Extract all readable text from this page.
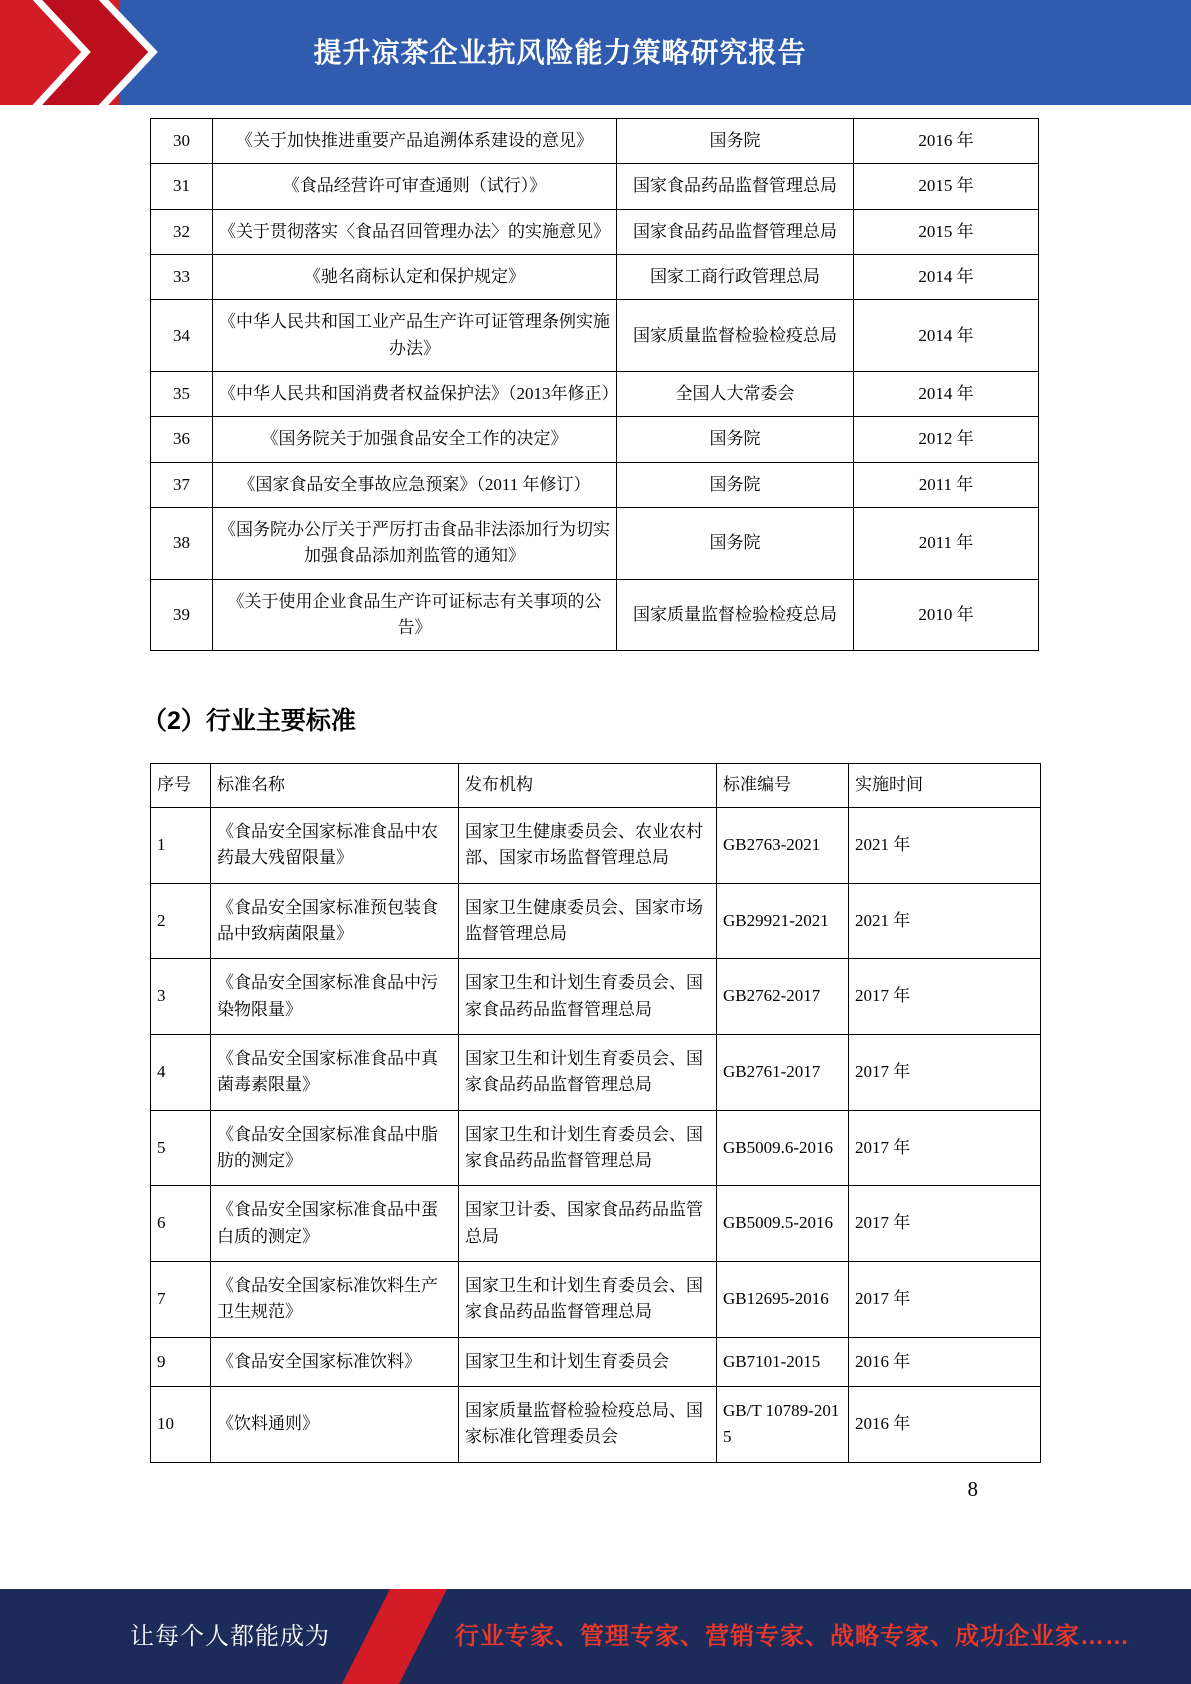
提升凉茶企业抗风险能力策略研究报告
30	《关于加快推进重要产品追溯体系建设的意见》	国务院	2016 年
31	《食品经营许可审查通则（试行）》	国家食品药品监督管理总局	2015 年
32	《关于贯彻落实〈食品召回管理办法〉的实施意见》	国家食品药品监督管理总局	2015 年
33	《驰名商标认定和保护规定》	国家工商行政管理总局	2014 年
34	《中华人民共和国工业产品生产许可证管理条例实施办法》	国家质量监督检验检疫总局	2014 年
35	《中华人民共和国消费者权益保护法》（2013年修正）	全国人大常委会	2014 年
36	《国务院关于加强食品安全工作的决定》	国务院	2012 年
37	《国家食品安全事故应急预案》（2011 年修订）	国务院	2011 年
38	《国务院办公厅关于严厉打击食品非法添加行为切实加强食品添加剂监管的通知》	国务院	2011 年
39	《关于使用企业食品生产许可证标志有关事项的公告》	国家质量监督检验检疫总局	2010 年
（2）行业主要标准
序号	标准名称	发布机构	标准编号	实施时间
1	《食品安全国家标准食品中农药最大残留限量》	国家卫生健康委员会、农业农村部、国家市场监督管理总局	GB2763-2021	2021 年
2	《食品安全国家标准预包装食品中致病菌限量》	国家卫生健康委员会、国家市场监督管理总局	GB29921-2021	2021 年
3	《食品安全国家标准食品中污染物限量》	国家卫生和计划生育委员会、国家食品药品监督管理总局	GB2762-2017	2017 年
4	《食品安全国家标准食品中真菌毒素限量》	国家卫生和计划生育委员会、国家食品药品监督管理总局	GB2761-2017	2017 年
5	《食品安全国家标准食品中脂肪的测定》	国家卫生和计划生育委员会、国家食品药品监督管理总局	GB5009.6-2016	2017 年
6	《食品安全国家标准食品中蛋白质的测定》	国家卫计委、国家食品药品监管总局	GB5009.5-2016	2017 年
7	《食品安全国家标准饮料生产卫生规范》	国家卫生和计划生育委员会、国家食品药品监督管理总局	GB12695-2016	2017 年
9	《食品安全国家标准饮料》	国家卫生和计划生育委员会	GB7101-2015	2016 年
10	《饮料通则》	国家质量监督检验检疫总局、国家标准化管理委员会	GB/T 10789-2015	2016 年
8
让每个人都能成为	行业专家、管理专家、营销专家、战略专家、成功企业家……
